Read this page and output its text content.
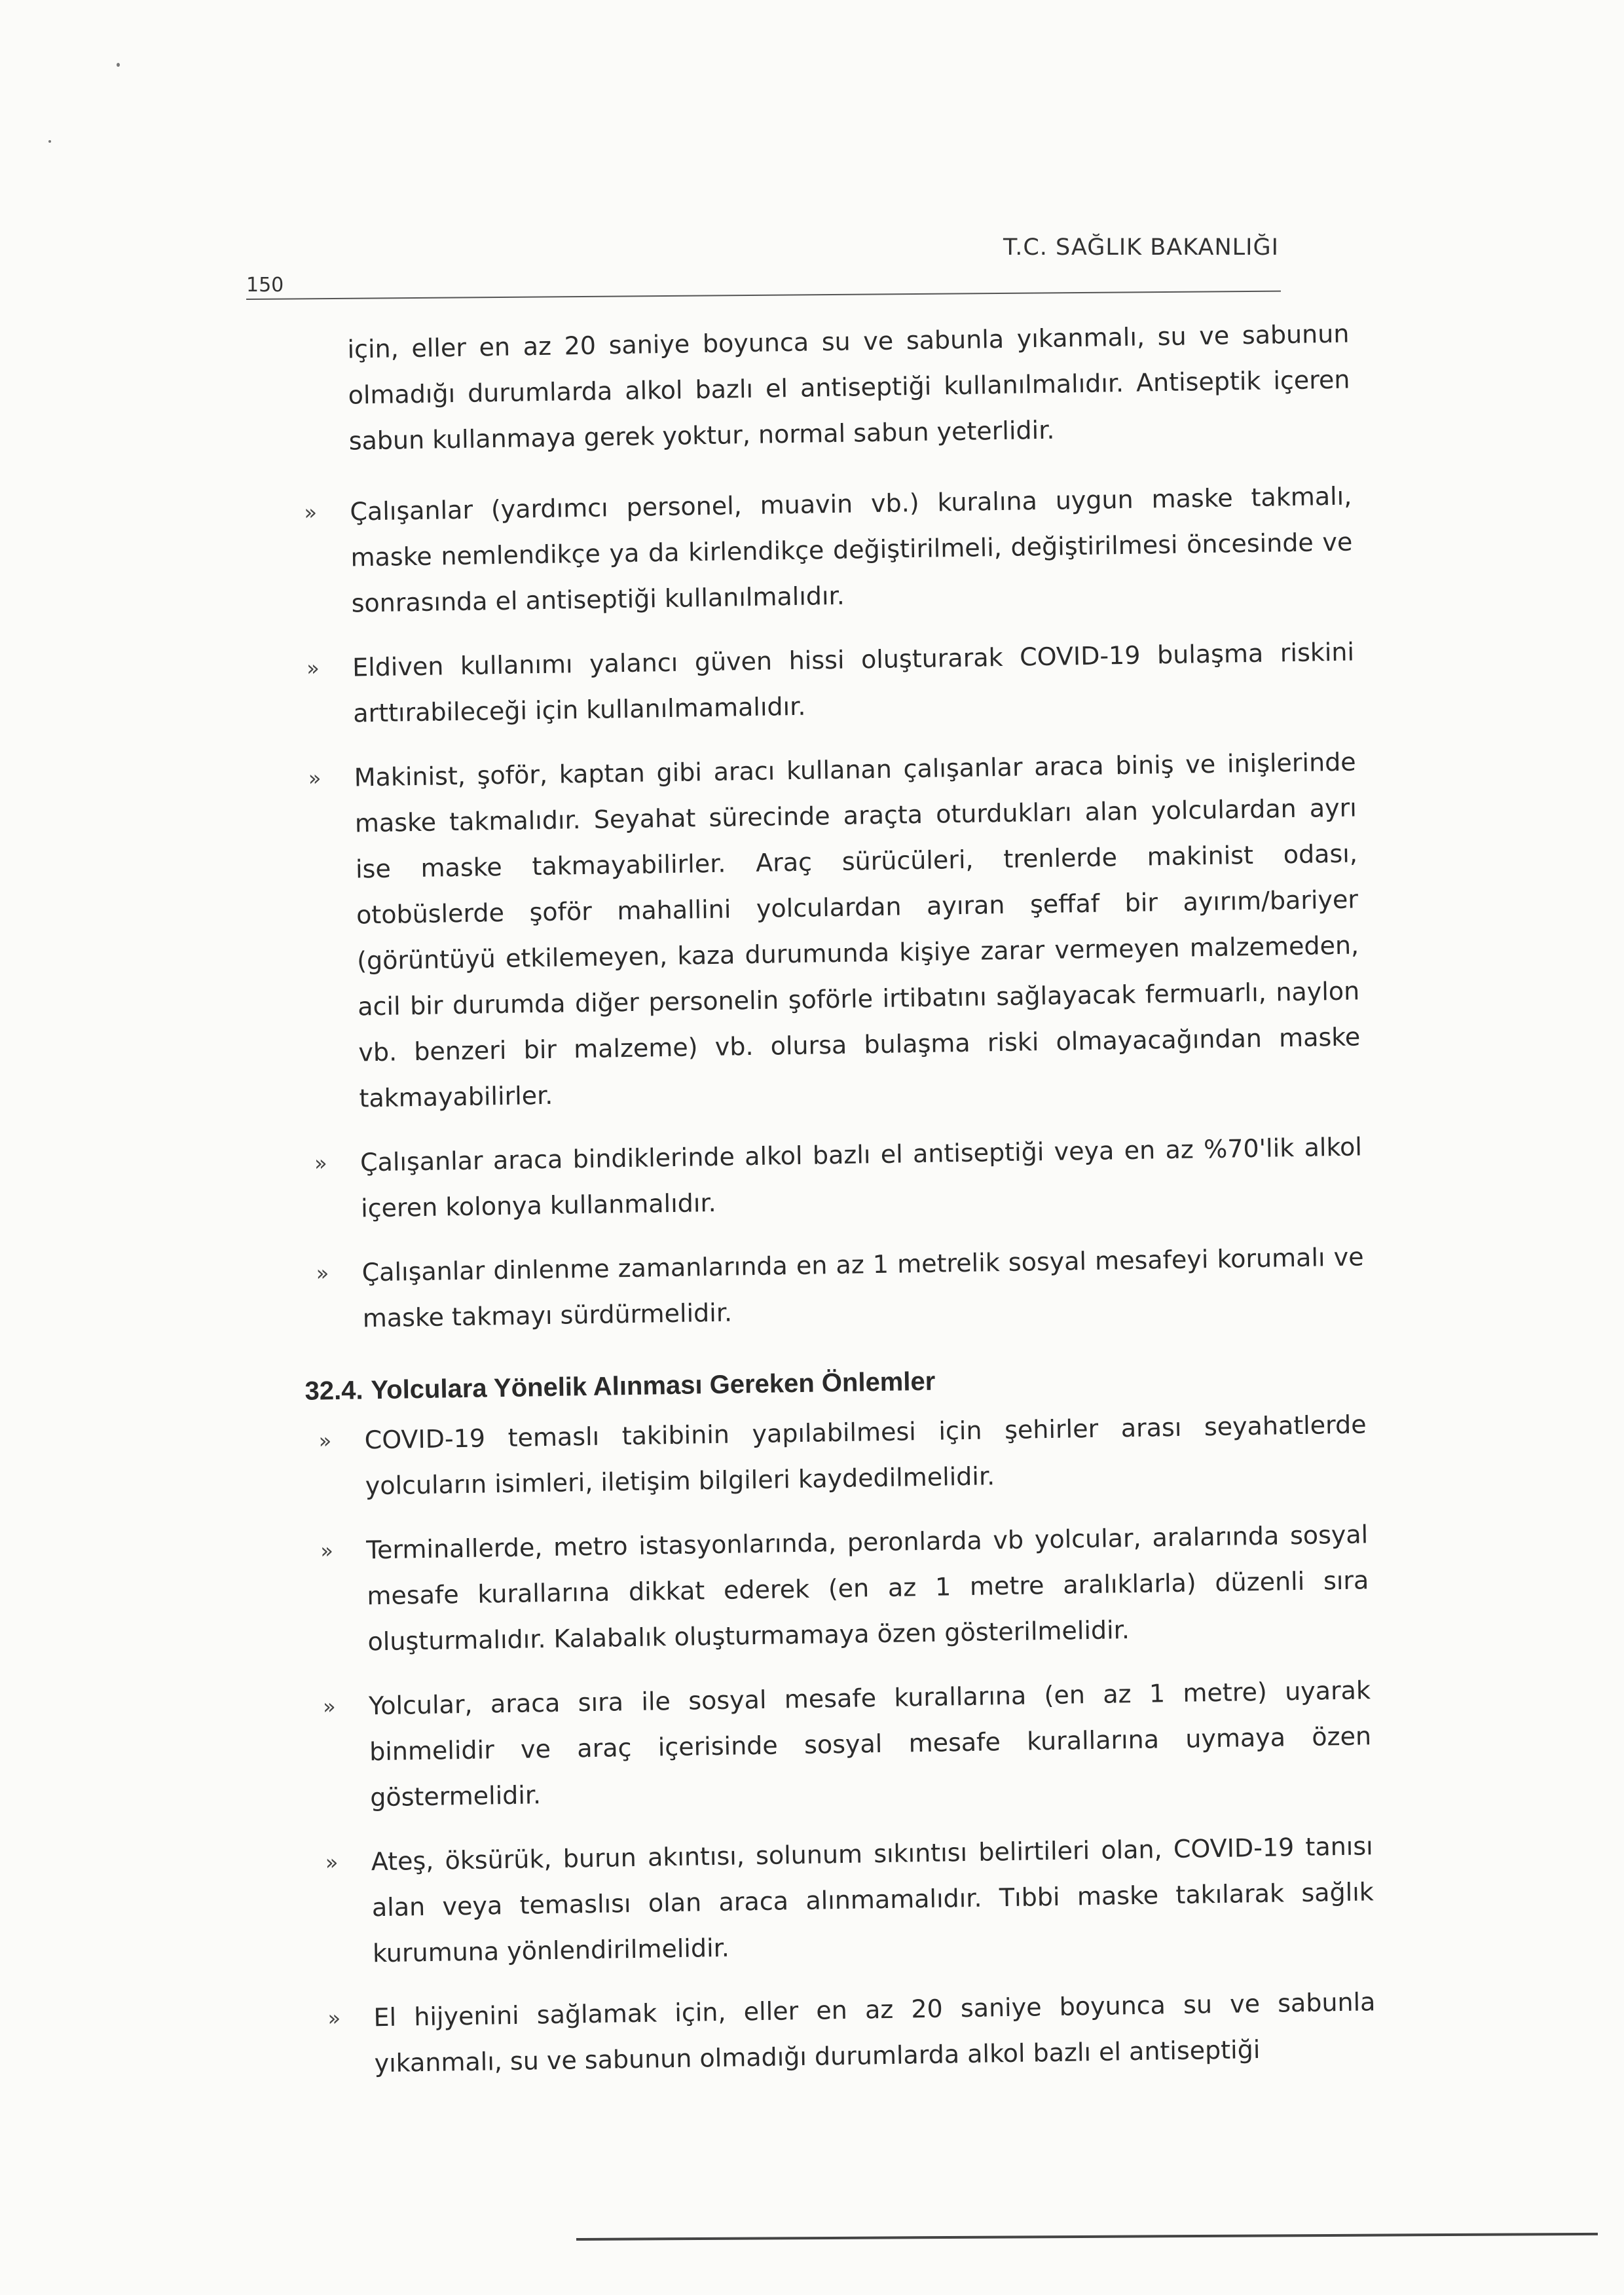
T.C. SAĞLIK BAKANLIĞI
150

için, eller en az 20 saniye boyunca su ve sabunla yıkanmalı, su ve sabunun olmadığı durumlarda alkol bazlı el antiseptiği kullanılmalıdır. Antiseptik içeren sabun kullanmaya gerek yoktur, normal sabun yeterlidir.

» Çalışanlar (yardımcı personel, muavin vb.) kuralına uygun maske takmalı, maske nemlendikçe ya da kirlendikçe değiştirilmeli, değiştirilmesi öncesinde ve sonrasında el antiseptiği kullanılmalıdır.
» Eldiven kullanımı yalancı güven hissi oluşturarak COVID-19 bulaşma riskini arttırabileceği için kullanılmamalıdır.
» Makinist, şoför, kaptan gibi aracı kullanan çalışanlar araca biniş ve inişlerinde maske takmalıdır. Seyahat sürecinde araçta oturdukları alan yolculardan ayrı ise maske takmayabilirler. Araç sürücüleri, trenlerde makinist odası, otobüslerde şoför mahallini yolculardan ayıran şeffaf bir ayırım/bariyer (görüntüyü etkilemeyen, kaza durumunda kişiye zarar vermeyen malzemeden, acil bir durumda diğer personelin şoförle irtibatını sağlayacak fermuarlı, naylon vb. benzeri bir malzeme) vb. olursa bulaşma riski olmayacağından maske takmayabilirler.
» Çalışanlar araca bindiklerinde alkol bazlı el antiseptiği veya en az %70'lik alkol içeren kolonya kullanmalıdır.
» Çalışanlar dinlenme zamanlarında en az 1 metrelik sosyal mesafeyi korumalı ve maske takmayı sürdürmelidir.
32.4. Yolculara Yönelik Alınması Gereken Önlemler
» COVID-19 temaslı takibinin yapılabilmesi için şehirler arası seyahatlerde yolcuların isimleri, iletişim bilgileri kaydedilmelidir.
» Terminallerde, metro istasyonlarında, peronlarda vb yolcular, aralarında sosyal mesafe kurallarına dikkat ederek (en az 1 metre aralıklarla) düzenli sıra oluşturmalıdır. Kalabalık oluşturmamaya özen gösterilmelidir.
» Yolcular, araca sıra ile sosyal mesafe kurallarına (en az 1 metre) uyarak binmelidir ve araç içerisinde sosyal mesafe kurallarına uymaya özen göstermelidir.
» Ateş, öksürük, burun akıntısı, solunum sıkıntısı belirtileri olan, COVID-19 tanısı alan veya temaslısı olan araca alınmamalıdır. Tıbbi maske takılarak sağlık kurumuna yönlendirilmelidir.
» El hijyenini sağlamak için, eller en az 20 saniye boyunca su ve sabunla yıkanmalı, su ve sabunun olmadığı durumlarda alkol bazlı el antiseptiği
